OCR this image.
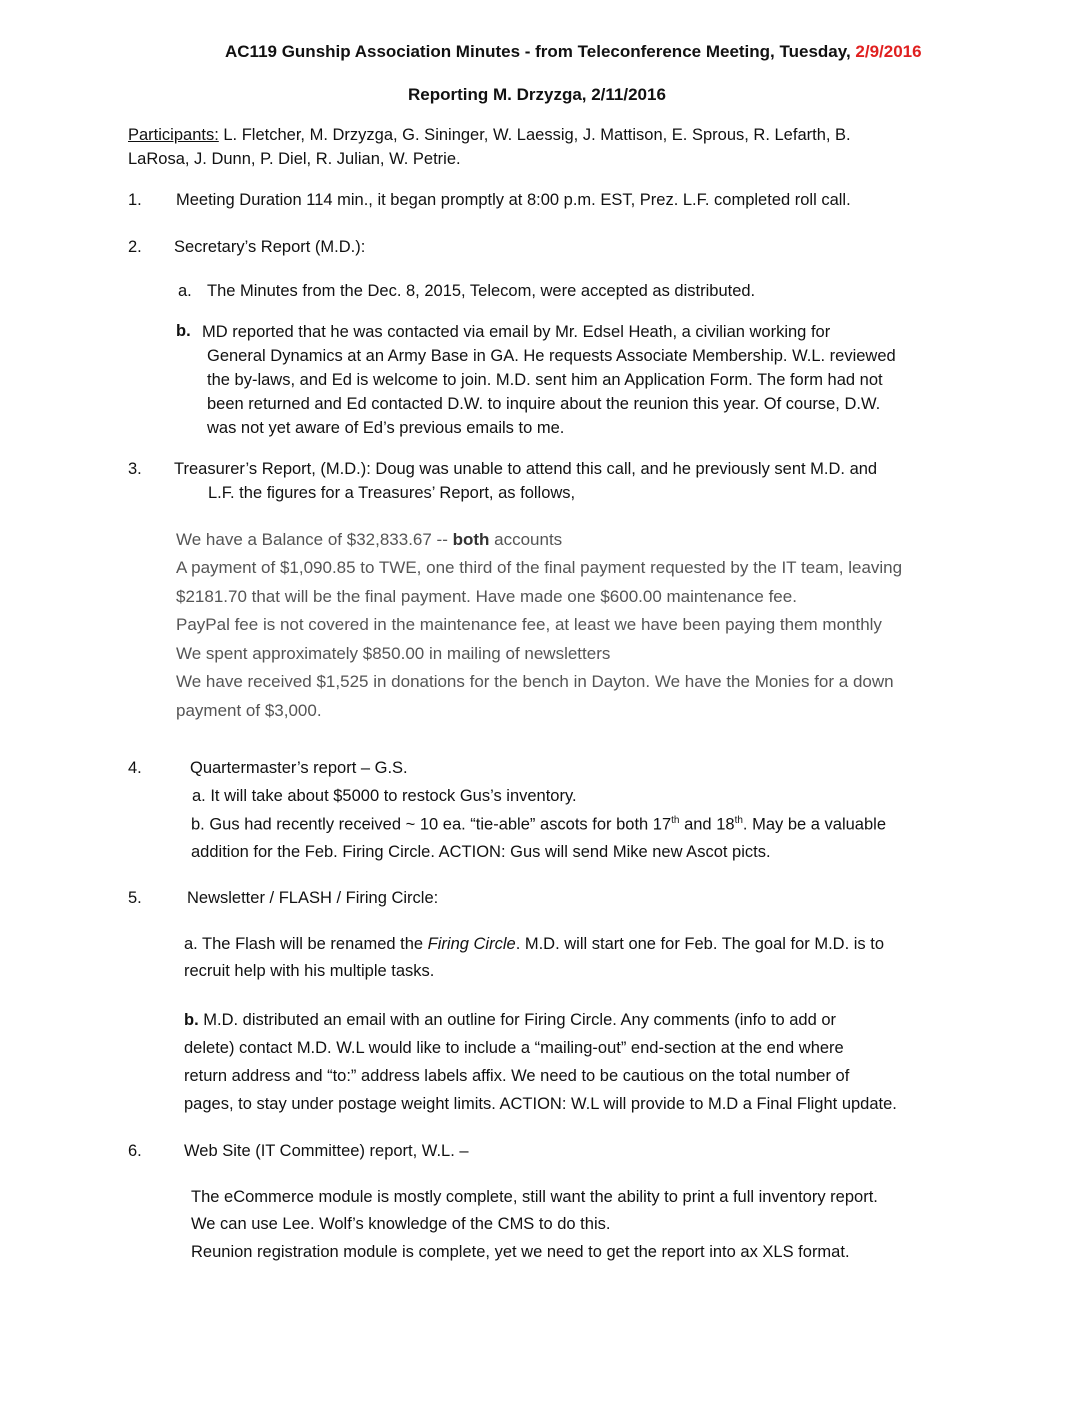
AC119 Gunship Association Minutes - from Teleconference Meeting, Tuesday, 2/9/2016
Reporting M. Drzyzga, 2/11/2016
Participants: L. Fletcher, M. Drzyzga, G. Sininger, W. Laessig, J. Mattison, E. Sprous, R. Lefarth, B.
LaRosa, J. Dunn, P. Diel, R. Julian, W. Petrie.
1. Meeting Duration 114 min., it began promptly at 8:00 p.m. EST, Prez. L.F. completed roll call.
2. Secretary’s Report (M.D.):
a. The Minutes from the Dec. 8, 2015, Telecom, were accepted as distributed.
b. MD reported that he was contacted via email by Mr. Edsel Heath, a civilian working for
General Dynamics at an Army Base in GA. He requests Associate Membership. W.L. reviewed
the by-laws, and Ed is welcome to join. M.D. sent him an Application Form. The form had not
been returned and Ed contacted D.W. to inquire about the reunion this year. Of course, D.W.
was not yet aware of Ed’s previous emails to me.
3. Treasurer’s Report, (M.D.): Doug was unable to attend this call, and he previously sent M.D. and
L.F. the figures for a Treasures’ Report, as follows,
We have a Balance of $32,833.67 -- both accounts
A payment of $1,090.85 to TWE, one third of the final payment requested by the IT team, leaving
$2181.70 that will be the final payment. Have made one $600.00 maintenance fee.
PayPal fee is not covered in the maintenance fee, at least we have been paying them monthly
We spent approximately $850.00 in mailing of newsletters
We have received $1,525 in donations for the bench in Dayton. We have the Monies for a down
payment of $3,000.
4.	Quartermaster’s report – G.S.
a. It will take about $5000 to restock Gus’s inventory.
b. Gus had recently received ~ 10 ea. “tie-able” ascots for both 17th and 18th. May be a valuable
addition for the Feb. Firing Circle. ACTION: Gus will send Mike new Ascot picts.
5.	Newsletter / FLASH / Firing Circle:
a. The Flash will be renamed the Firing Circle. M.D. will start one for Feb. The goal for M.D. is to
recruit help with his multiple tasks.
b. M.D. distributed an email with an outline for Firing Circle. Any comments (info to add or
delete) contact M.D. W.L would like to include a “mailing-out” end-section at the end where
return address and “to:” address labels affix. We need to be cautious on the total number of
pages, to stay under postage weight limits. ACTION: W.L will provide to M.D a Final Flight update.
6.	Web Site (IT Committee) report, W.L. –
The eCommerce module is mostly complete, still want the ability to print a full inventory report.
We can use Lee. Wolf’s knowledge of the CMS to do this.
Reunion registration module is complete, yet we need to get the report into ax XLS format.
